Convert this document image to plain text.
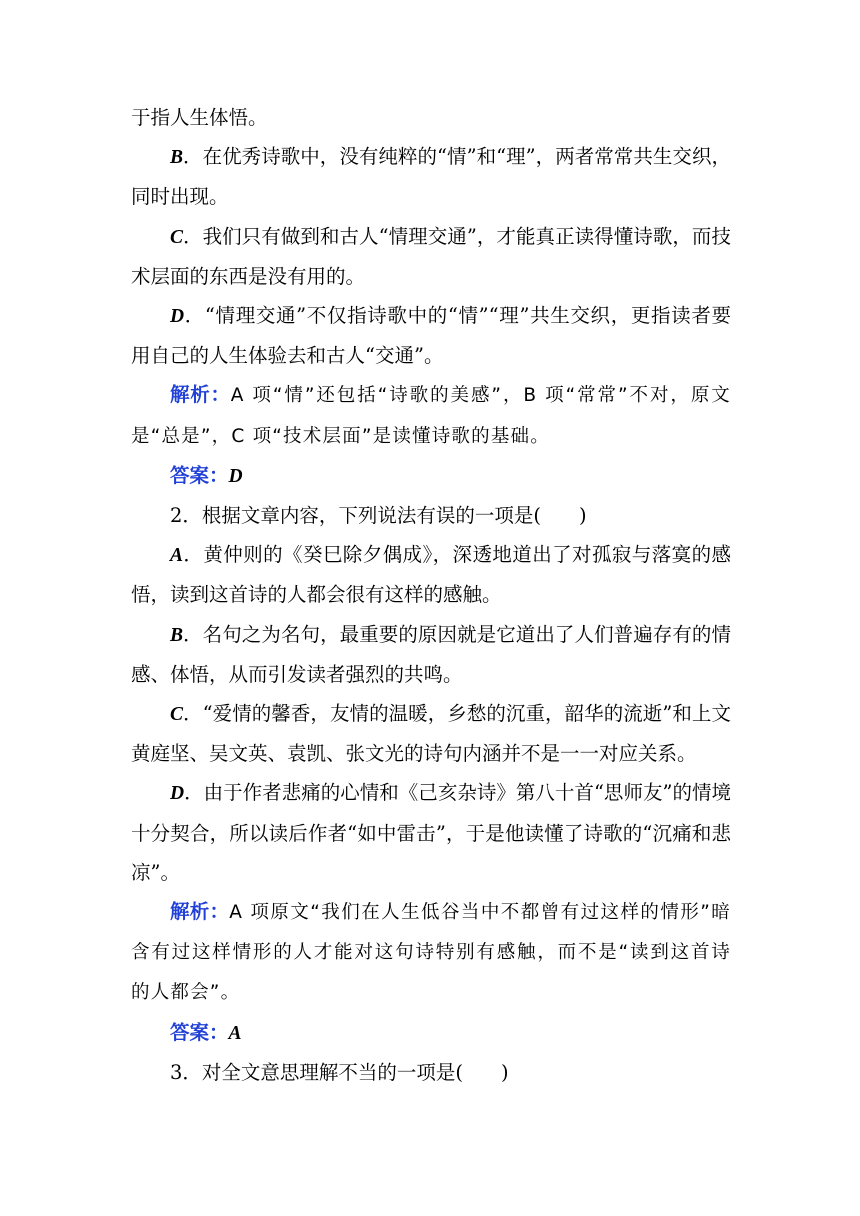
于指人生体悟。

B．在优秀诗歌中，没有纯粹的“情”和“理”，两者常常共生交织，同时出现。

C．我们只有做到和古人“情理交通”，才能真正读得懂诗歌，而技术层面的东西是没有用的。

D．“情理交通”不仅指诗歌中的“情”“理”共生交织，更指读者要用自己的人生体验去和古人“交通”。

解析：A 项“情”还包括“诗歌的美感”，B 项“常常”不对，原文是“总是”，C 项“技术层面”是读懂诗歌的基础。

答案：D

2．根据文章内容，下列说法有误的一项是( )

A．黄仲则的《癸巳除夕偶成》，深透地道出了对孤寂与落寞的感悟，读到这首诗的人都会很有这样的感触。

B．名句之为名句，最重要的原因就是它道出了人们普遍存有的情感、体悟，从而引发读者强烈的共鸣。

C．“爱情的馨香，友情的温暖，乡愁的沉重，韶华的流逝”和上文黄庭坚、吴文英、袁凯、张文光的诗句内涵并不是一一对应关系。

D．由于作者悲痛的心情和《己亥杂诗》第八十首“思师友”的情境十分契合，所以读后作者“如中雷击”，于是他读懂了诗歌的“沉痛和悲凉”。

解析：A 项原文“我们在人生低谷当中不都曾有过这样的情形”暗含有过这样情形的人才能对这句诗特别有感触，而不是“读到这首诗的人都会”。

答案：A

3．对全文意思理解不当的一项是( )
